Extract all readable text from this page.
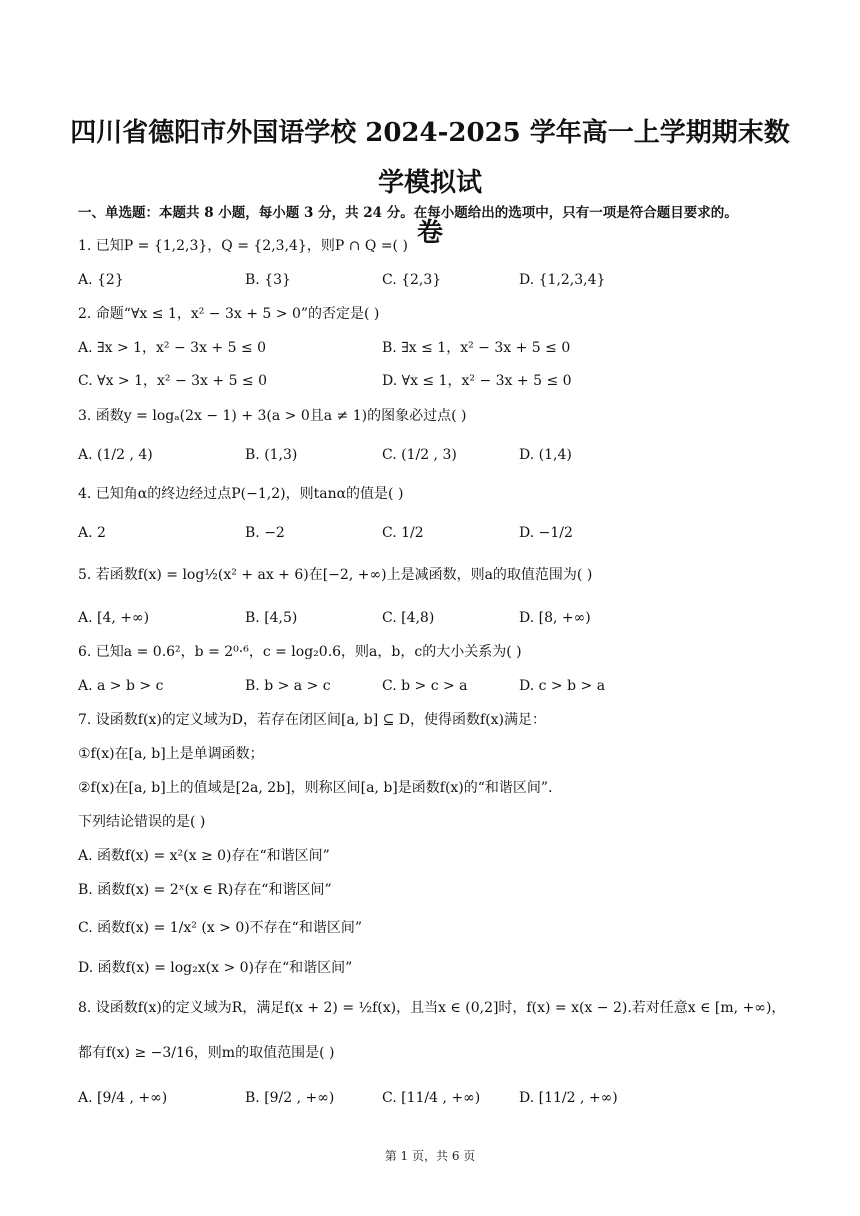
四川省德阳市外国语学校 2024-2025 学年高一上学期期末数学模拟试
卷
一、单选题：本题共 8 小题，每小题 3 分，共 24 分。在每小题给出的选项中，只有一项是符合题目要求的。
1. 已知P = {1,2,3}，Q = {2,3,4}，则P ∩ Q =( )
A. {2}	B. {3}	C. {2,3}	D. {1,2,3,4}
2. 命题“∀x ≤ 1，x² − 3x + 5 > 0”的否定是( )
A. ∃x > 1，x² − 3x + 5 ≤ 0	B. ∃x ≤ 1，x² − 3x + 5 ≤ 0
C. ∀x > 1，x² − 3x + 5 ≤ 0	D. ∀x ≤ 1，x² − 3x + 5 ≤ 0
3. 函数y = logₐ(2x − 1) + 3(a > 0且a ≠ 1)的图象必过点( )
A. (1/2 , 4)	B. (1,3)	C. (1/2 , 3)	D. (1,4)
4. 已知角α的终边经过点P(−1,2)，则tanα的值是( )
A. 2	B. −2	C. 1/2	D. −1/2
5. 若函数f(x) = log½(x² + ax + 6)在[−2, +∞)上是减函数，则a的取值范围为( )
A. [4, +∞)	B. [4,5)	C. [4,8)	D. [8, +∞)
6. 已知a = 0.6²，b = 2⁰·⁶，c = log₂0.6，则a，b，c的大小关系为( )
A. a > b > c	B. b > a > c	C. b > c > a	D. c > b > a
7. 设函数f(x)的定义域为D，若存在闭区间[a, b] ⊆ D，使得函数f(x)满足：
①f(x)在[a, b]上是单调函数；
②f(x)在[a, b]上的值域是[2a, 2b]，则称区间[a, b]是函数f(x)的“和谐区间”．
下列结论错误的是( )
A. 函数f(x) = x²(x ≥ 0)存在“和谐区间”
B. 函数f(x) = 2ˣ(x ∈ R)存在“和谐区间”
C. 函数f(x) = 1/x² (x > 0)不存在“和谐区间”
D. 函数f(x) = log₂x(x > 0)存在“和谐区间”
8. 设函数f(x)的定义域为R，满足f(x + 2) = ½f(x)，且当x ∈ (0,2]时，f(x) = x(x − 2).若对任意x ∈ [m, +∞)，
都有f(x) ≥ −3/16，则m的取值范围是( )
A. [9/4 , +∞)	B. [9/2 , +∞)	C. [11/4 , +∞)	D. [11/2 , +∞)
第 1 页，共 6 页
